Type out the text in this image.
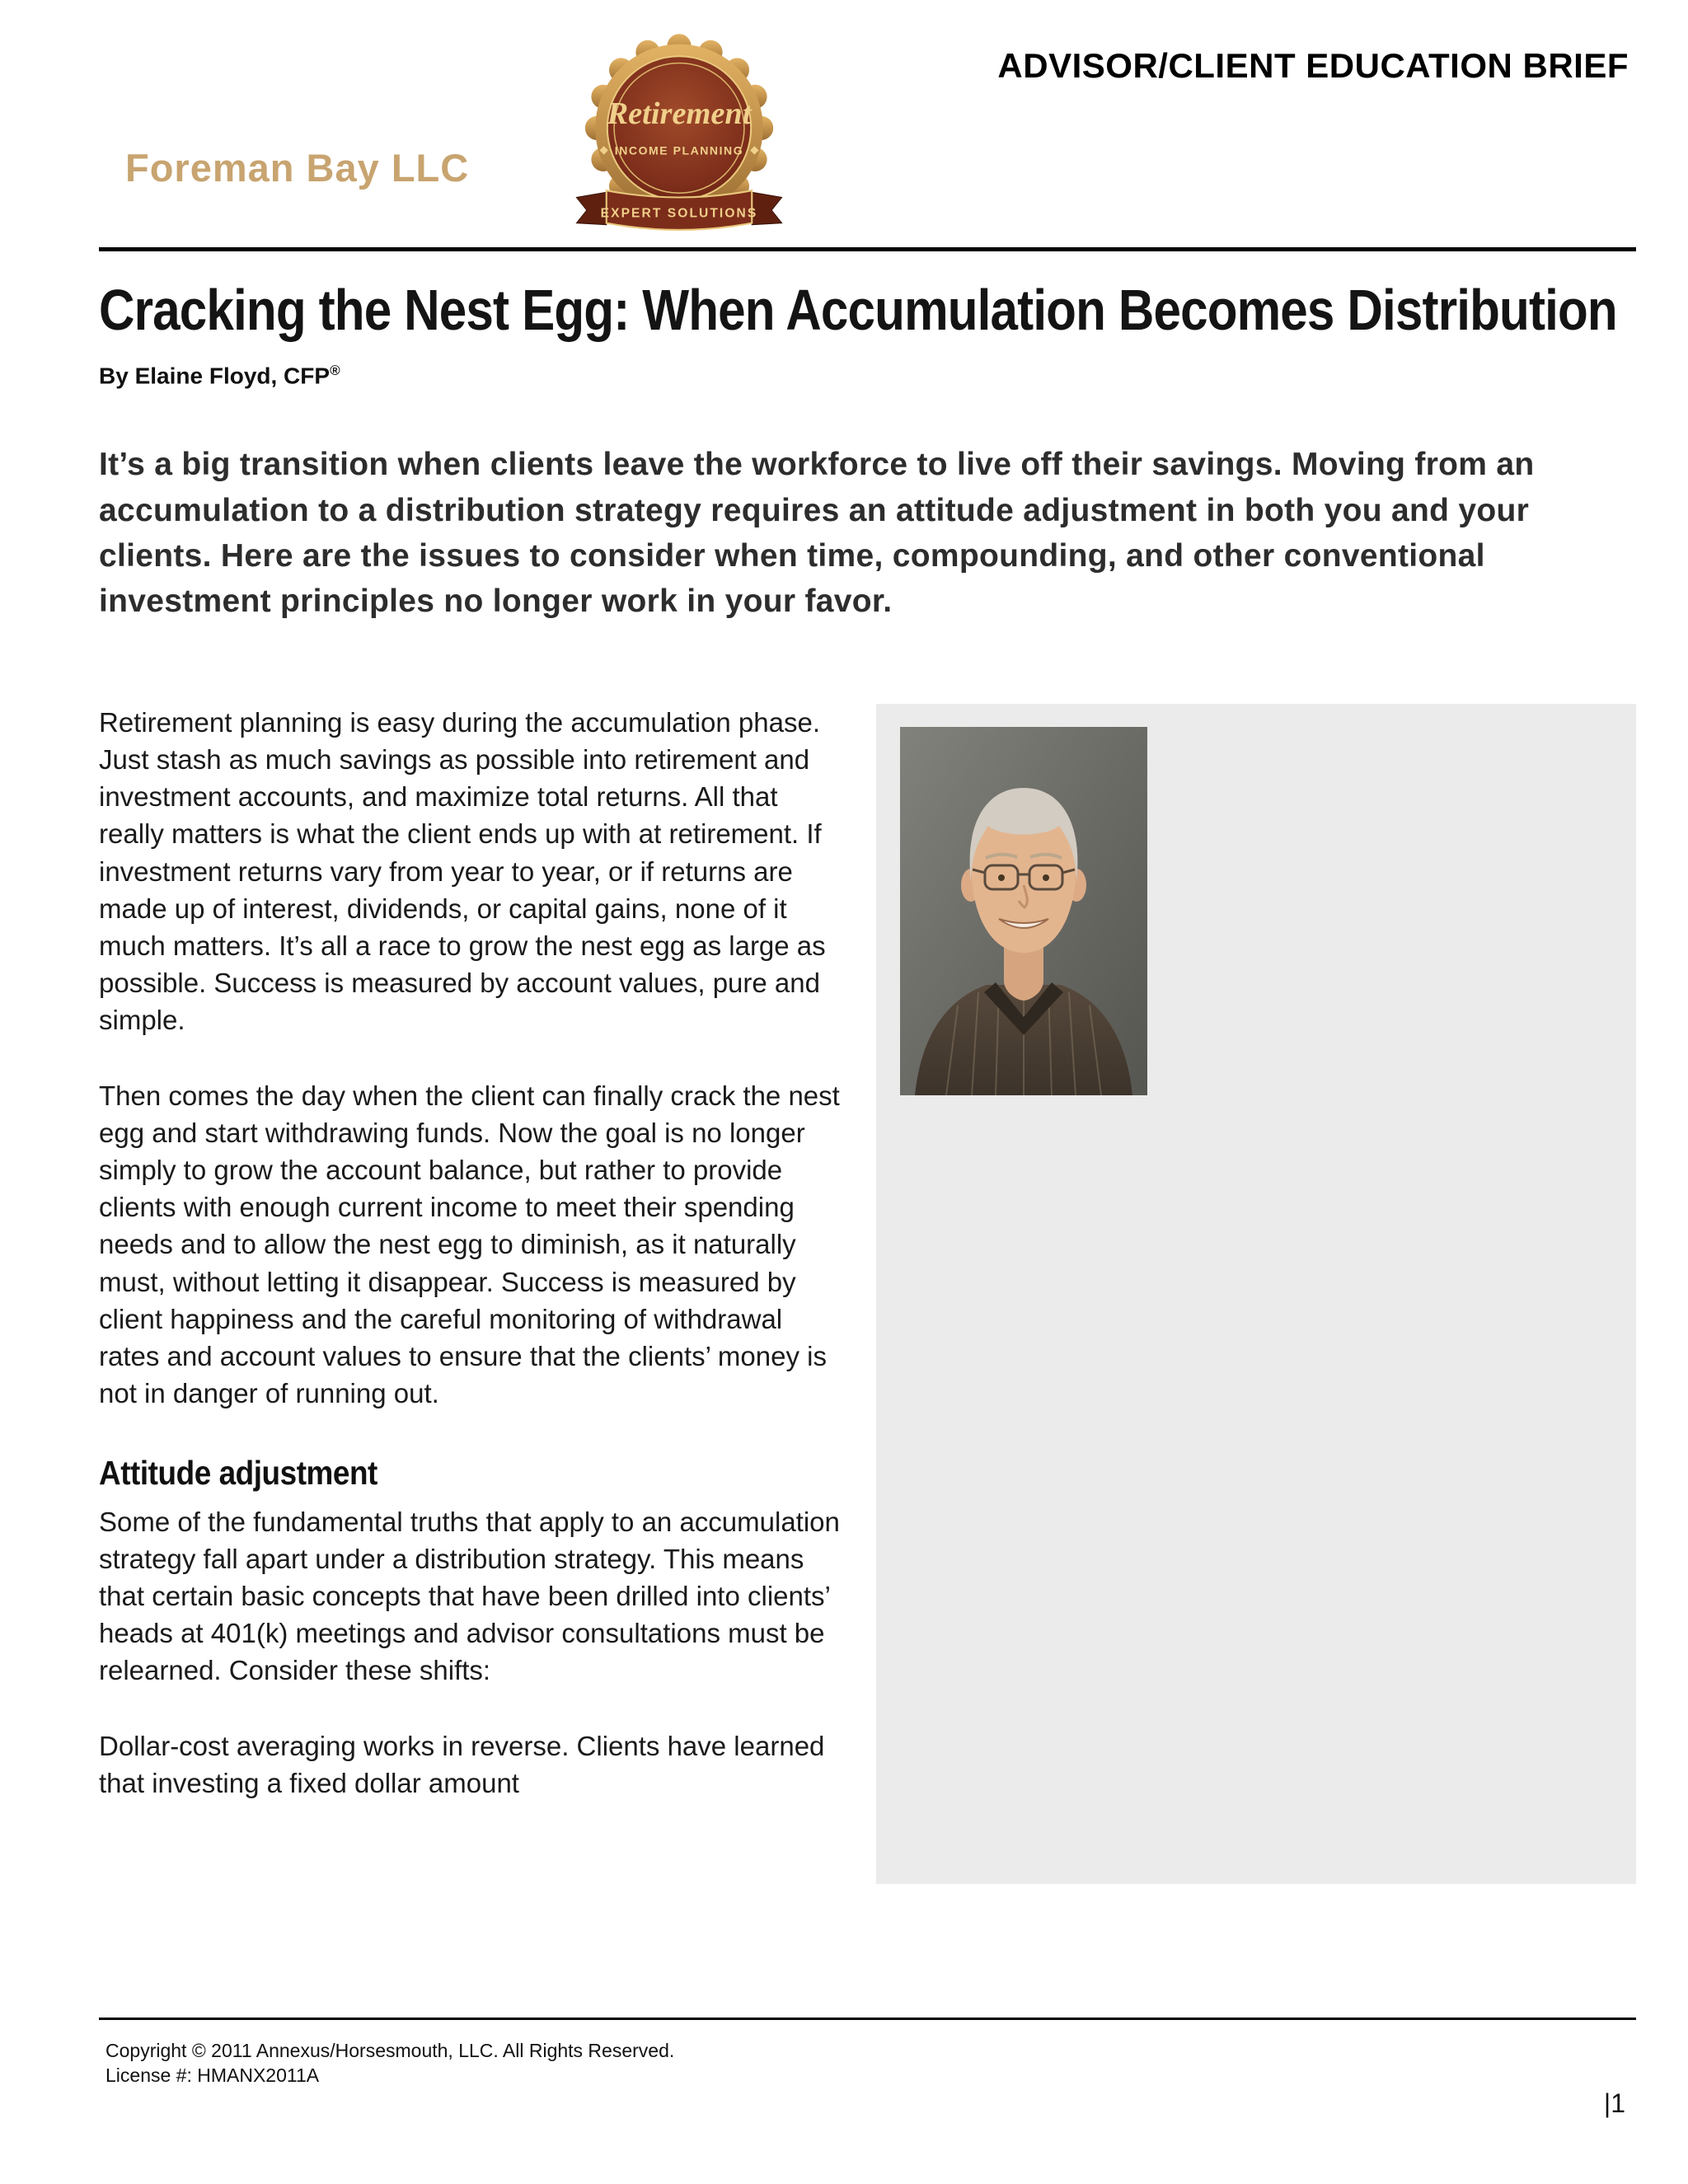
ADVISOR/CLIENT EDUCATION BRIEF
Foreman Bay LLC
Retirement
INCOME PLANNING
EXPERT SOLUTIONS
Cracking the Nest Egg: When Accumulation Becomes Distribution
By Elaine Floyd, CFP®

It’s a big transition when clients leave the workforce to live off their savings. Moving from an accumulation to a distribution strategy requires an attitude adjustment in both you and your clients. Here are the issues to consider when time, compounding, and other conventional investment principles no longer work in your favor.

Retirement planning is easy during the accumulation phase. Just stash as much savings as possible into retirement and investment accounts, and maximize total returns. All that really matters is what the client ends up with at retirement. If investment returns vary from year to year, or if returns are made up of interest, dividends, or capital gains, none of it much matters. It’s all a race to grow the nest egg as large as possible. Success is measured by account values, pure and simple.

Then comes the day when the client can finally crack the nest egg and start withdrawing funds. Now the goal is no longer simply to grow the account balance, but rather to provide clients with enough current income to meet their spending needs and to allow the nest egg to diminish, as it naturally must, without letting it disappear. Success is measured by client happiness and the careful monitoring of withdrawal rates and account values to ensure that the clients’ money is not in danger of running out.

Attitude adjustment

Some of the fundamental truths that apply to an accumulation strategy fall apart under a distribution strategy. This means that certain basic concepts that have been drilled into clients’ heads at 401(k) meetings and advisor consultations must be relearned. Consider these shifts:

Dollar-cost averaging works in reverse. Clients have learned that investing a fixed dollar amount

Copyright © 2011 Annexus/Horsesmouth, LLC. All Rights Reserved.
License #: HMANX2011A
|1
